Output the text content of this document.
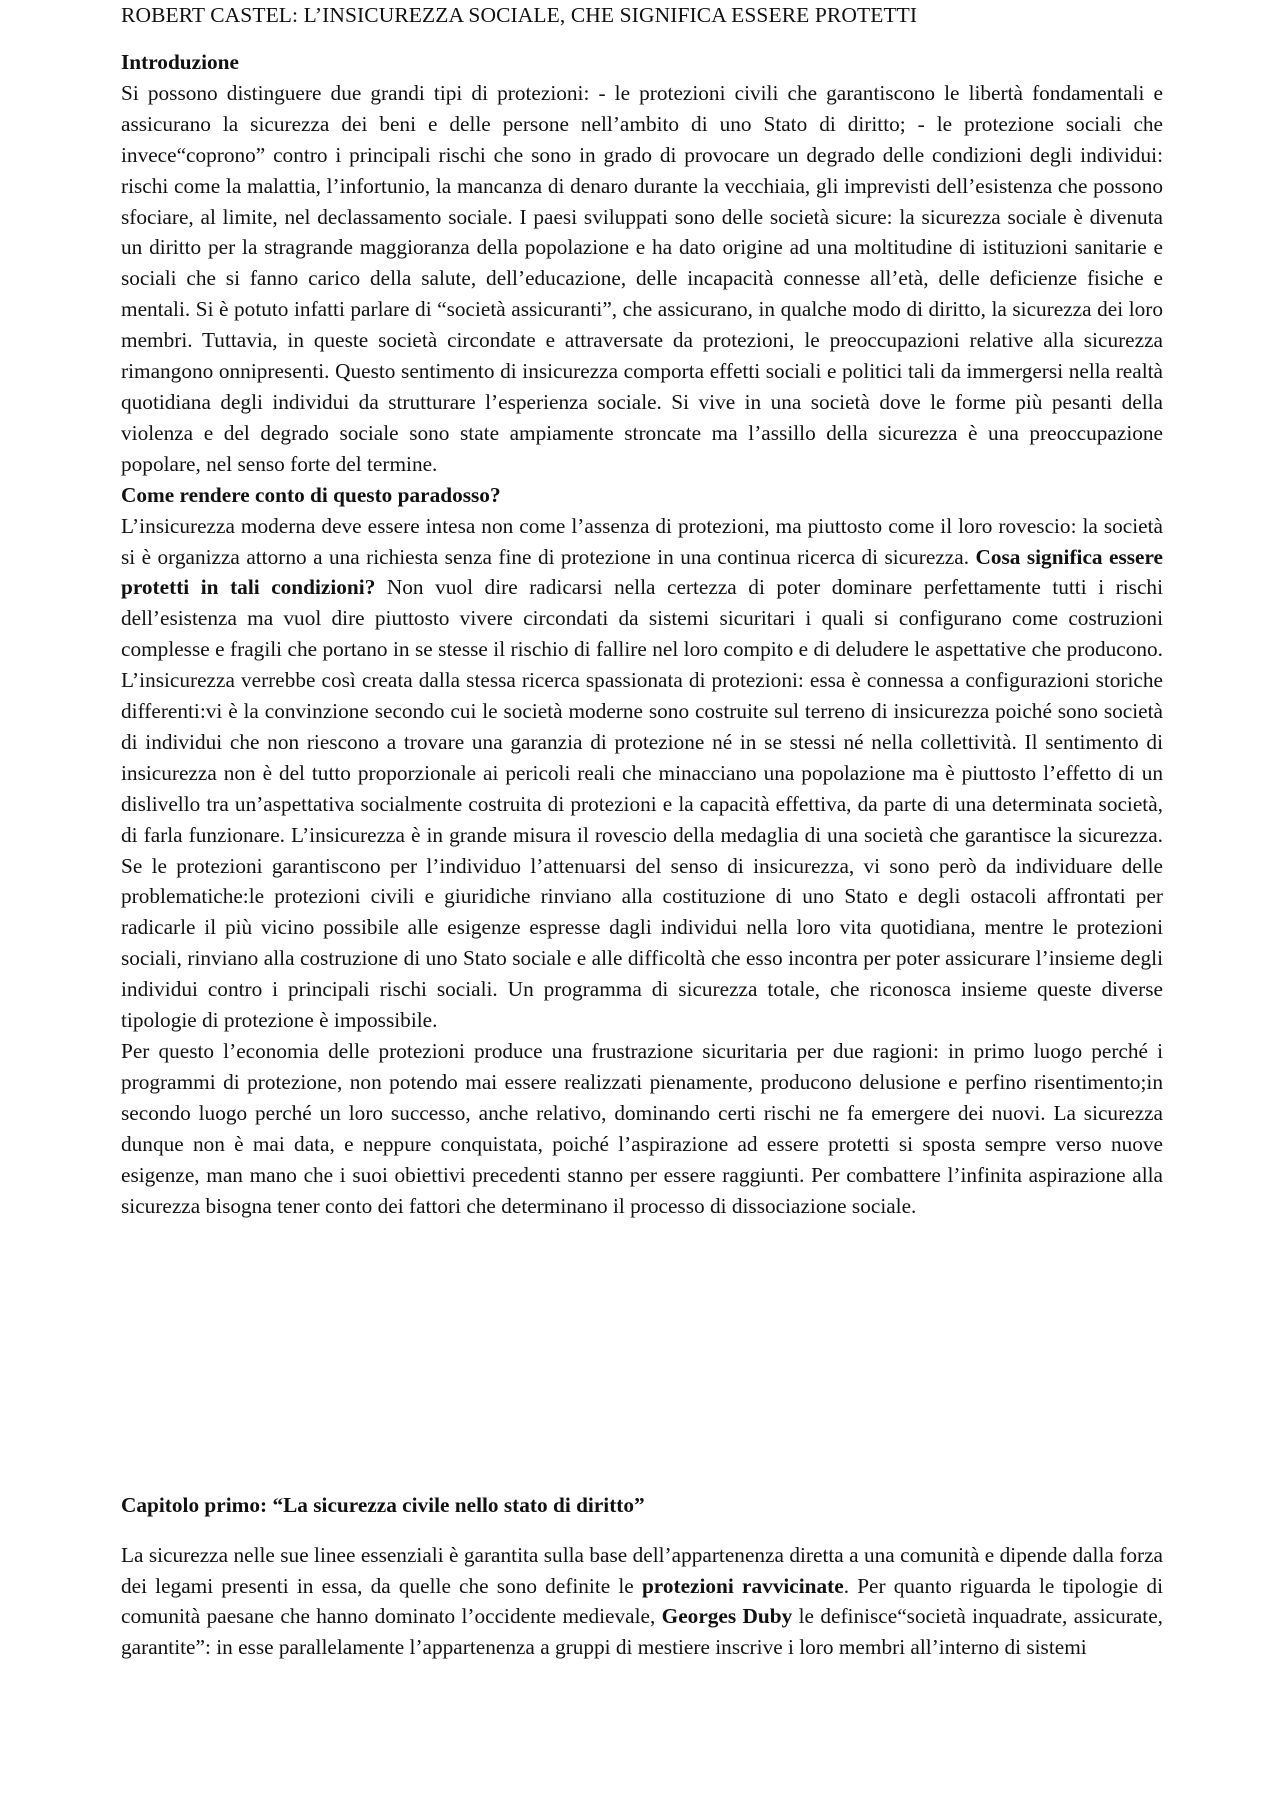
ROBERT CASTEL: L’INSICUREZZA SOCIALE, CHE SIGNIFICA ESSERE PROTETTI

Introduzione

Si possono distinguere due grandi tipi di protezioni: - le protezioni civili che garantiscono le libertà fondamentali e assicurano la sicurezza dei beni e delle persone nell’ambito di uno Stato di diritto; - le protezione sociali che invece“coprono” contro i principali rischi che sono in grado di provocare un degrado delle condizioni degli individui: rischi come la malattia, l’infortunio, la mancanza di denaro durante la vecchiaia, gli imprevisti dell’esistenza che possono sfociare, al limite, nel declassamento sociale. I paesi sviluppati sono delle società sicure: la sicurezza sociale è divenuta un diritto per la stragrande maggioranza della popolazione e ha dato origine ad una moltitudine di istituzioni sanitarie e sociali che si fanno carico della salute, dell’educazione, delle incapacità connesse all’età, delle deficienze fisiche e mentali. Si è potuto infatti parlare di “società assicuranti”, che assicurano, in qualche modo di diritto, la sicurezza dei loro membri. Tuttavia, in queste società circondate e attraversate da protezioni, le preoccupazioni relative alla sicurezza rimangono onnipresenti. Questo sentimento di insicurezza comporta effetti sociali e politici tali da immergersi nella realtà quotidiana degli individui da strutturare l’esperienza sociale. Si vive in una società dove le forme più pesanti della violenza e del degrado sociale sono state ampiamente stroncate ma l’assillo della sicurezza è una preoccupazione popolare, nel senso forte del termine.

Come rendere conto di questo paradosso?

L’insicurezza moderna deve essere intesa non come l’assenza di protezioni, ma piuttosto come il loro rovescio: la società si è organizza attorno a una richiesta senza fine di protezione in una continua ricerca di sicurezza. Cosa significa essere protetti in tali condizioni? Non vuol dire radicarsi nella certezza di poter dominare perfettamente tutti i rischi dell’esistenza ma vuol dire piuttosto vivere circondati da sistemi sicuritari i quali si configurano come costruzioni complesse e fragili che portano in se stesse il rischio di fallire nel loro compito e di deludere le aspettative che producono. L’insicurezza verrebbe così creata dalla stessa ricerca spassionata di protezioni: essa è connessa a configurazioni storiche differenti:vi è la convinzione secondo cui le società moderne sono costruite sul terreno di insicurezza poiché sono società di individui che non riescono a trovare una garanzia di protezione né in se stessi né nella collettività. Il sentimento di insicurezza non è del tutto proporzionale ai pericoli reali che minacciano una popolazione ma è piuttosto l’effetto di un dislivello tra un’aspettativa socialmente costruita di protezioni e la capacità effettiva, da parte di una determinata società, di farla funzionare. L’insicurezza è in grande misura il rovescio della medaglia di una società che garantisce la sicurezza. Se le protezioni garantiscono per l’individuo l’attenuarsi del senso di insicurezza, vi sono però da individuare delle problematiche:le protezioni civili e giuridiche rinviano alla costituzione di uno Stato e degli ostacoli affrontati per radicarle il più vicino possibile alle esigenze espresse dagli individui nella loro vita quotidiana, mentre le protezioni sociali, rinviano alla costruzione di uno Stato sociale e alle difficoltà che esso incontra per poter assicurare l’insieme degli individui contro i principali rischi sociali. Un programma di sicurezza totale, che riconosca insieme queste diverse tipologie di protezione è impossibile.

Per questo l’economia delle protezioni produce una frustrazione sicuritaria per due ragioni: in primo luogo perché i programmi di protezione, non potendo mai essere realizzati pienamente, producono delusione e perfino risentimento;in secondo luogo perché un loro successo, anche relativo, dominando certi rischi ne fa emergere dei nuovi. La sicurezza dunque non è mai data, e neppure conquistata, poiché l’aspirazione ad essere protetti si sposta sempre verso nuove esigenze, man mano che i suoi obiettivi precedenti stanno per essere raggiunti. Per combattere l’infinita aspirazione alla sicurezza bisogna tener conto dei fattori che determinano il processo di dissociazione sociale.

Capitolo primo: “La sicurezza civile nello stato di diritto”

La sicurezza nelle sue linee essenziali è garantita sulla base dell’appartenenza diretta a una comunità e dipende dalla forza dei legami presenti in essa, da quelle che sono definite le protezioni ravvicinate. Per quanto riguarda le tipologie di comunità paesane che hanno dominato l’occidente medievale, Georges Duby le definisce“società inquadrate, assicurate, garantite”: in esse parallelamente l’appartenenza a gruppi di mestiere inscrive i loro membri all’interno di sistemi
